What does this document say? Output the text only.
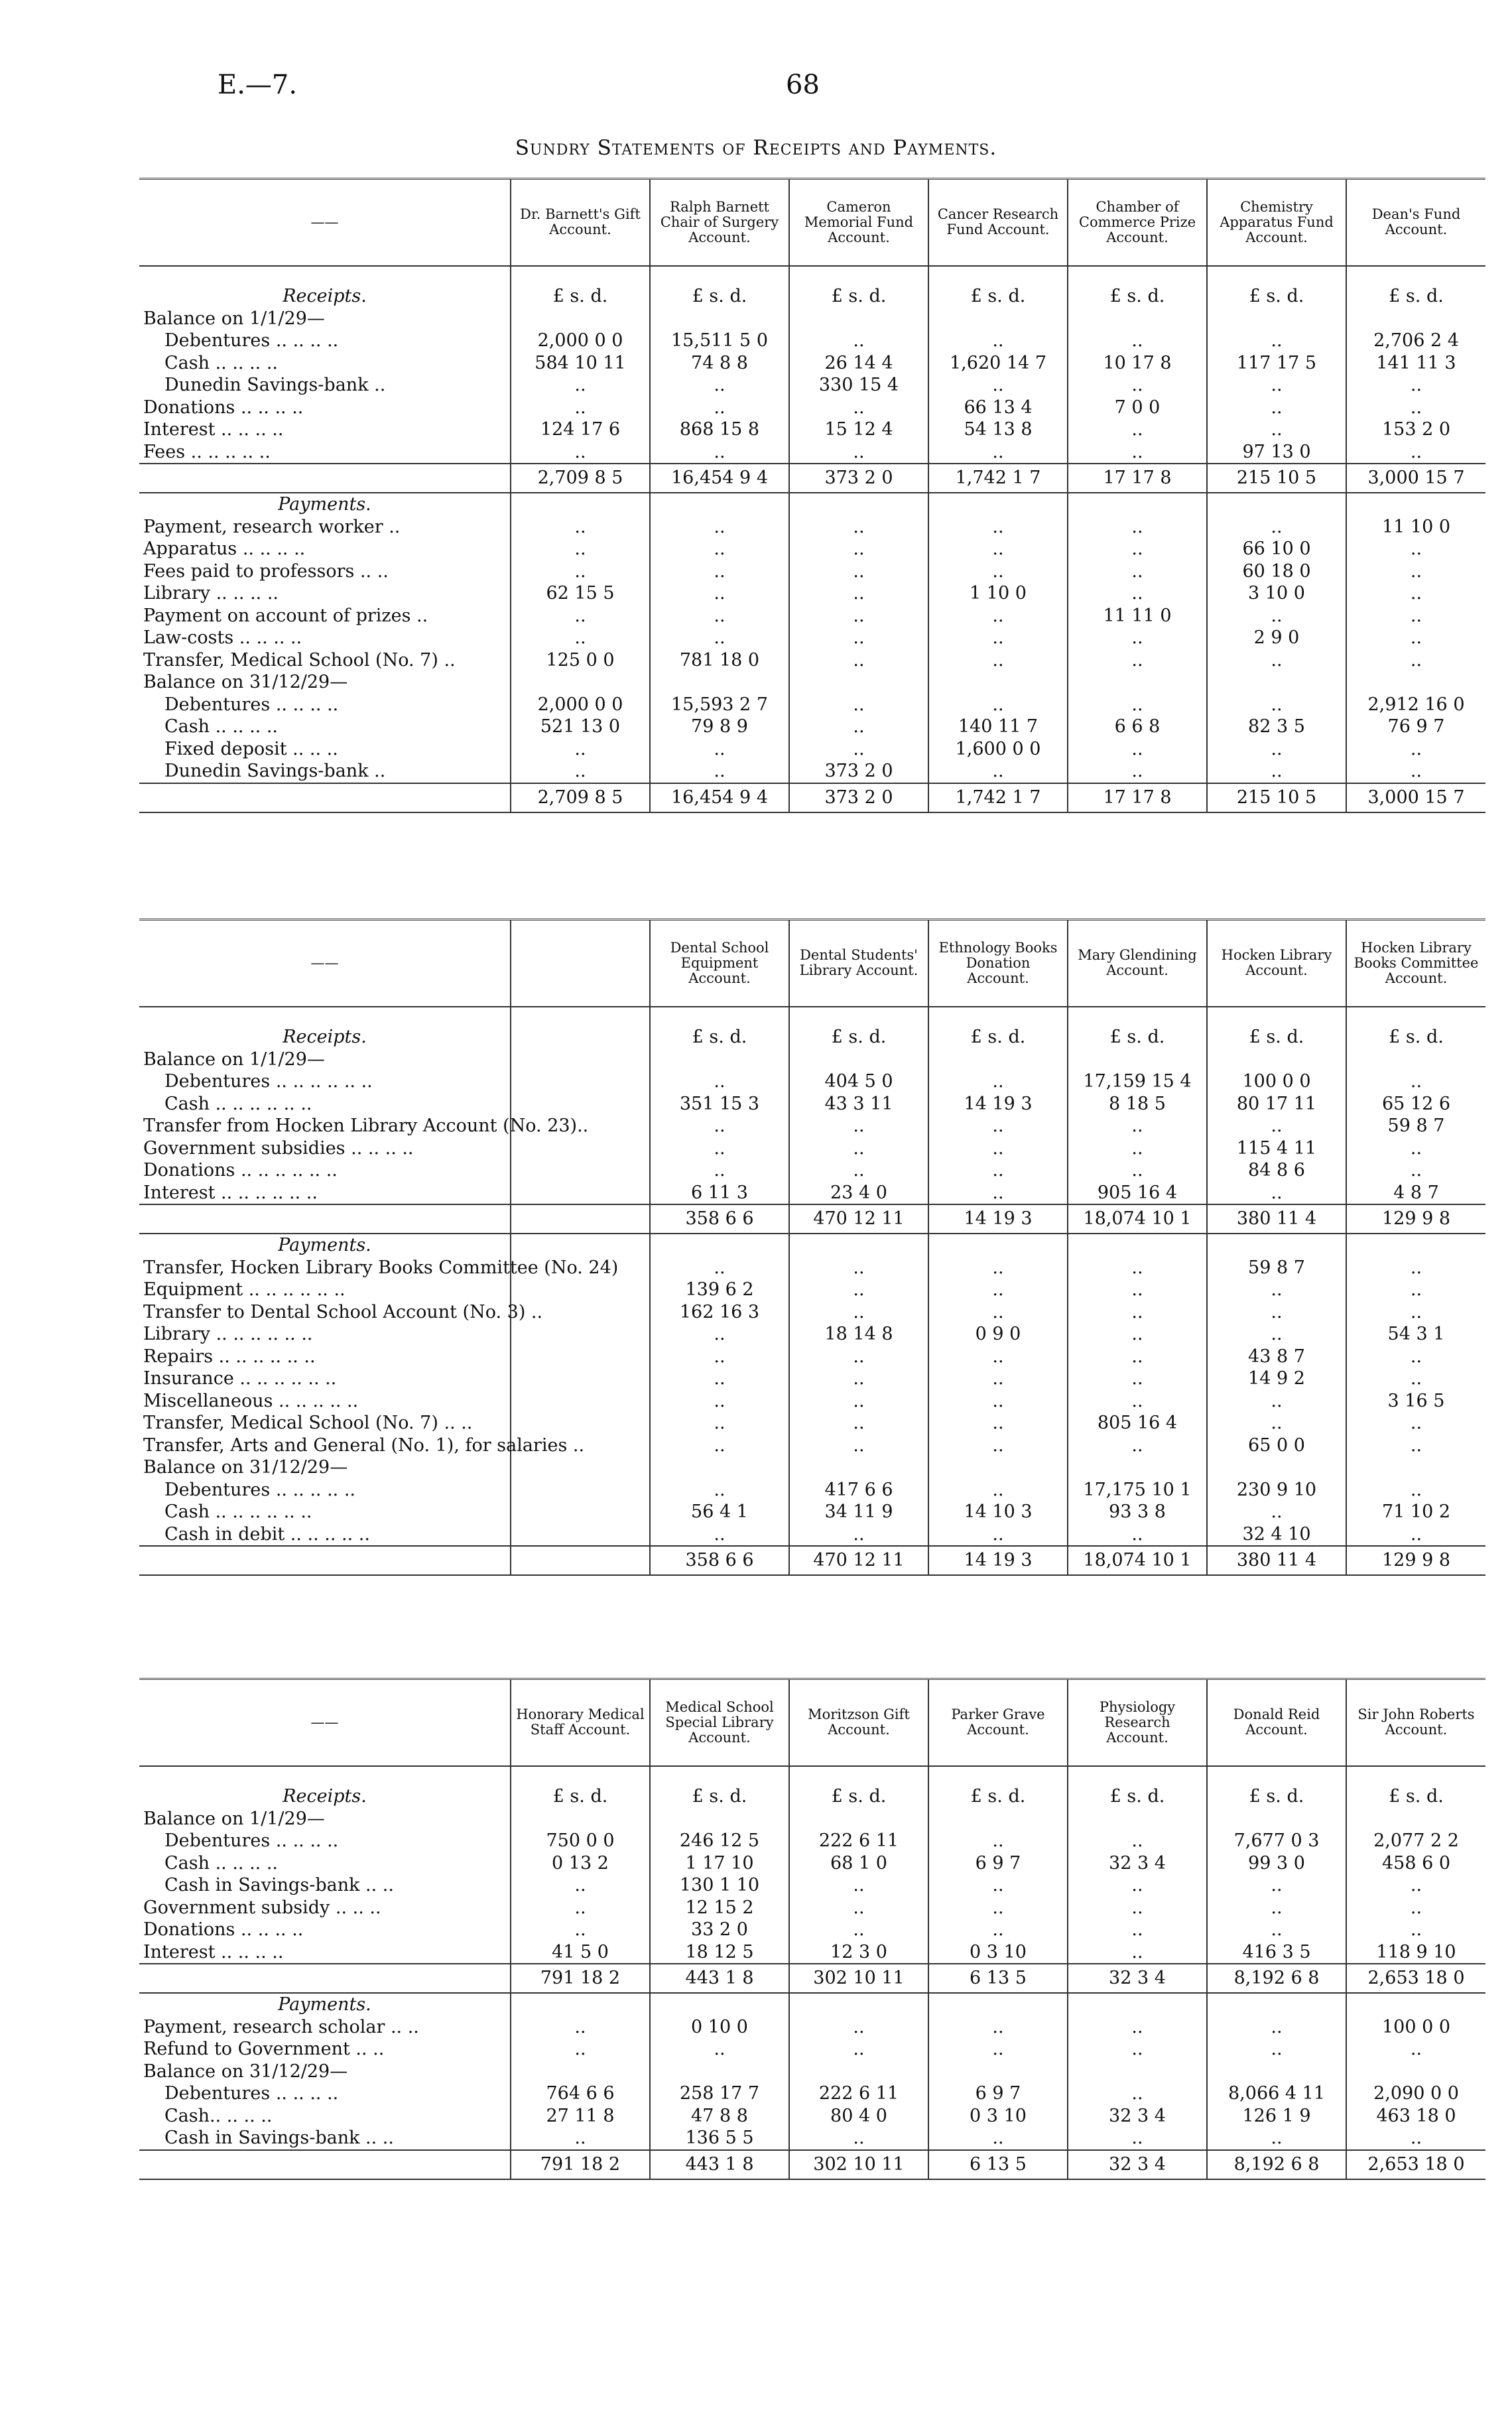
E.—7.	68
Sundry Statements of Receipts and Payments.
——	Dr. Barnett's Gift Account.	Ralph Barnett Chair of Surgery Account.	Cameron Memorial Fund Account.	Cancer Research Fund Account.	Chamber of Commerce Prize Account.	Chemistry Apparatus Fund Account.	Dean's Fund Account.

Receipts.	£ s. d.	£ s. d.	£ s. d.	£ s. d.	£ s. d.	£ s. d.	£ s. d.
Balance on 1/1/29—							
Debentures .. .. .. ..	2,000 0 0	15,511 5 0	..	..	..	..	2,706 2 4
Cash .. .. .. ..	584 10 11	74 8 8	26 14 4	1,620 14 7	10 17 8	117 17 5	141 11 3
Dunedin Savings-bank ..	..	..	330 15 4	..	..	..	..
Donations .. .. .. ..	..	..	..	66 13 4	7 0 0	..	..
Interest .. .. .. ..	124 17 6	868 15 8	15 12 4	54 13 8	..	..	153 2 0
Fees .. .. .. .. ..	..	..	..	..	..	97 13 0	..
	2,709 8 5	16,454 9 4	373 2 0	1,742 1 7	17 17 8	215 10 5	3,000 15 7
Payments.							
Payment, research worker ..	..	..	..	..	..	..	11 10 0
Apparatus .. .. .. ..	..	..	..	..	..	66 10 0	..
Fees paid to professors .. ..	..	..	..	..	..	60 18 0	..
Library .. .. .. ..	62 15 5	..	..	1 10 0	..	3 10 0	..
Payment on account of prizes ..	..	..	..	..	11 11 0	..	..
Law-costs .. .. .. ..	..	..	..	..	..	2 9 0	..
Transfer, Medical School (No. 7) ..	125 0 0	781 18 0	..	..	..	..	..
Balance on 31/12/29—							
Debentures .. .. .. ..	2,000 0 0	15,593 2 7	..	..	..	..	2,912 16 0
Cash .. .. .. ..	521 13 0	79 8 9	..	140 11 7	6 6 8	82 3 5	76 9 7
Fixed deposit .. .. ..	..	..	..	1,600 0 0	..	..	..
Dunedin Savings-bank ..	..	..	373 2 0	..	..	..	..
	2,709 8 5	16,454 9 4	373 2 0	1,742 1 7	17 17 8	215 10 5	3,000 15 7
——		Dental School Equipment Account.	Dental Students' Library Account.	Ethnology Books Donation Account.	Mary Glendining Account.	Hocken Library Account.	Hocken Library Books Committee Account.

Receipts.		£ s. d.	£ s. d.	£ s. d.	£ s. d.	£ s. d.	£ s. d.
Balance on 1/1/29—							
Debentures .. .. .. .. .. ..		..	404 5 0	..	17,159 15 4	100 0 0	..
Cash .. .. .. .. .. ..		351 15 3	43 3 11	14 19 3	8 18 5	80 17 11	65 12 6
Transfer from Hocken Library Account (No. 23)..		..	..	..	..	..	59 8 7
Government subsidies .. .. .. ..		..	..	..	..	115 4 11	..
Donations .. .. .. .. .. ..		..	..	..	..	84 8 6	..
Interest .. .. .. .. .. ..		6 11 3	23 4 0	..	905 16 4	..	4 8 7
		358 6 6	470 12 11	14 19 3	18,074 10 1	380 11 4	129 9 8
Payments.							
Transfer, Hocken Library Books Committee (No. 24)		..	..	..	..	59 8 7	..
Equipment .. .. .. .. .. ..		139 6 2	..	..	..	..	..
Transfer to Dental School Account (No. 3) ..		162 16 3	..	..	..	..	..
Library .. .. .. .. .. ..		..	18 14 8	0 9 0	..	..	54 3 1
Repairs .. .. .. .. .. ..		..	..	..	..	43 8 7	..
Insurance .. .. .. .. .. ..		..	..	..	..	14 9 2	..
Miscellaneous .. .. .. .. ..		..	..	..	..	..	3 16 5
Transfer, Medical School (No. 7) .. ..		..	..	..	805 16 4	..	..
Transfer, Arts and General (No. 1), for salaries ..		..	..	..	..	65 0 0	..
Balance on 31/12/29—							
Debentures .. .. .. .. ..		..	417 6 6	..	17,175 10 1	230 9 10	..
Cash .. .. .. .. .. ..		56 4 1	34 11 9	14 10 3	93 3 8	..	71 10 2
Cash in debit .. .. .. .. ..		..	..	..	..	32 4 10	..
		358 6 6	470 12 11	14 19 3	18,074 10 1	380 11 4	129 9 8
——	Honorary Medical Staff Account.	Medical School Special Library Account.	Moritzson Gift Account.	Parker Grave Account.	Physiology Research Account.	Donald Reid Account.	Sir John Roberts Account.

Receipts.	£ s. d.	£ s. d.	£ s. d.	£ s. d.	£ s. d.	£ s. d.	£ s. d.
Balance on 1/1/29—							
Debentures .. .. .. ..	750 0 0	246 12 5	222 6 11	..	..	7,677 0 3	2,077 2 2
Cash .. .. .. ..	0 13 2	1 17 10	68 1 0	6 9 7	32 3 4	99 3 0	458 6 0
Cash in Savings-bank .. ..	..	130 1 10	..	..	..	..	..
Government subsidy .. .. ..	..	12 15 2	..	..	..	..	..
Donations .. .. .. ..	..	33 2 0	..	..	..	..	..
Interest .. .. .. ..	41 5 0	18 12 5	12 3 0	0 3 10	..	416 3 5	118 9 10
	791 18 2	443 1 8	302 10 11	6 13 5	32 3 4	8,192 6 8	2,653 18 0
Payments.							
Payment, research scholar .. ..	..	0 10 0	..	..	..	..	100 0 0
Refund to Government .. ..	..	..	..	..	..	..	..
Balance on 31/12/29—							
Debentures .. .. .. ..	764 6 6	258 17 7	222 6 11	6 9 7	..	8,066 4 11	2,090 0 0
Cash.. .. .. ..	27 11 8	47 8 8	80 4 0	0 3 10	32 3 4	126 1 9	463 18 0
Cash in Savings-bank .. ..	..	136 5 5	..	..	..	..	..
	791 18 2	443 1 8	302 10 11	6 13 5	32 3 4	8,192 6 8	2,653 18 0
